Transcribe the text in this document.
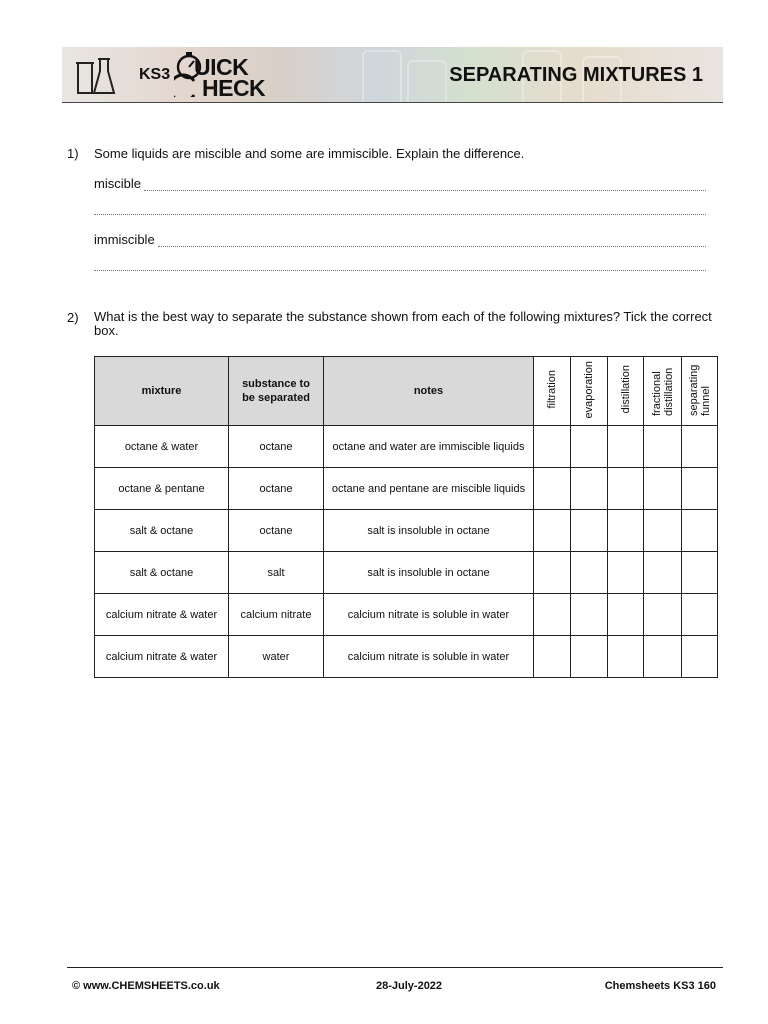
KS3 UICK
HECK	SEPARATING MIXTURES 1
1) Some liquids are miscible and some are immiscible. Explain the difference.
miscible
immiscible
2) What is the best way to separate the substance shown from each of the following mixtures? Tick the correct box.
mixture	substance to be separated	notes	filtration	evaporation	distillation	fractional distillation	separating funnel
octane & water	octane	octane and water are immiscible liquids					
octane & pentane	octane	octane and pentane are miscible liquids					
salt & octane	octane	salt is insoluble in octane					
salt & octane	salt	salt is insoluble in octane					
calcium nitrate & water	calcium nitrate	calcium nitrate is soluble in water					
calcium nitrate & water	water	calcium nitrate is soluble in water					
© www.CHEMSHEETS.co.uk	28-July-2022	Chemsheets KS3 160
